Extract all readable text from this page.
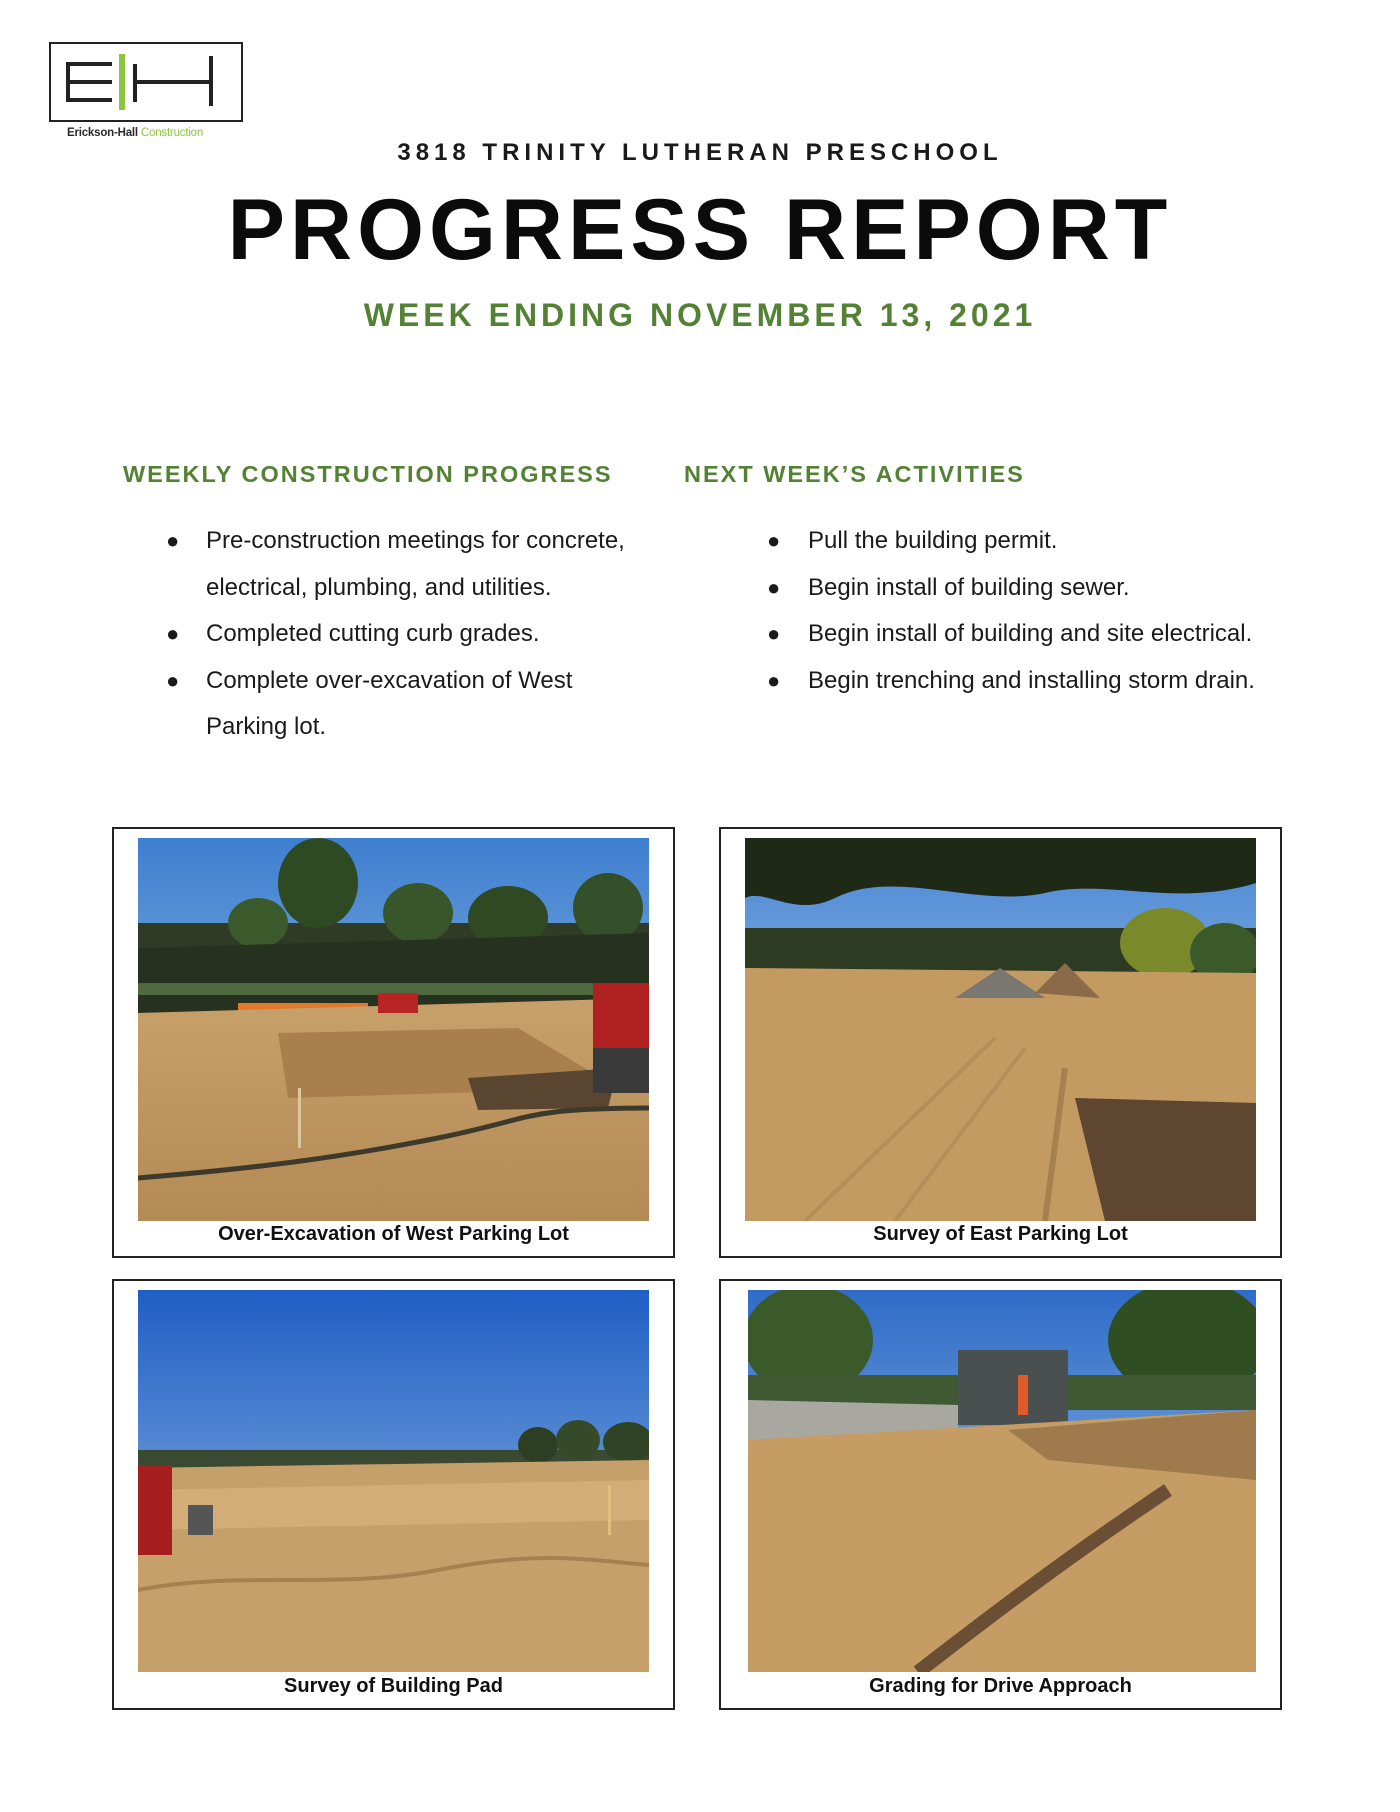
Erickson-Hall Construction
3818 TRINITY LUTHERAN PRESCHOOL
PROGRESS REPORT
WEEK ENDING NOVEMBER 13, 2021
WEEKLY CONSTRUCTION PROGRESS
● Pre-construction meetings for concrete,
electrical, plumbing, and utilities.
● Completed cutting curb grades.
● Complete over-excavation of West
Parking lot.
NEXT WEEK’S ACTIVITIES
● Pull the building permit.
● Begin install of building sewer.
● Begin install of building and site electrical.
● Begin trenching and installing storm drain.
Over-Excavation of West Parking Lot	Survey of East Parking Lot
Survey of Building Pad	Grading for Drive Approach
